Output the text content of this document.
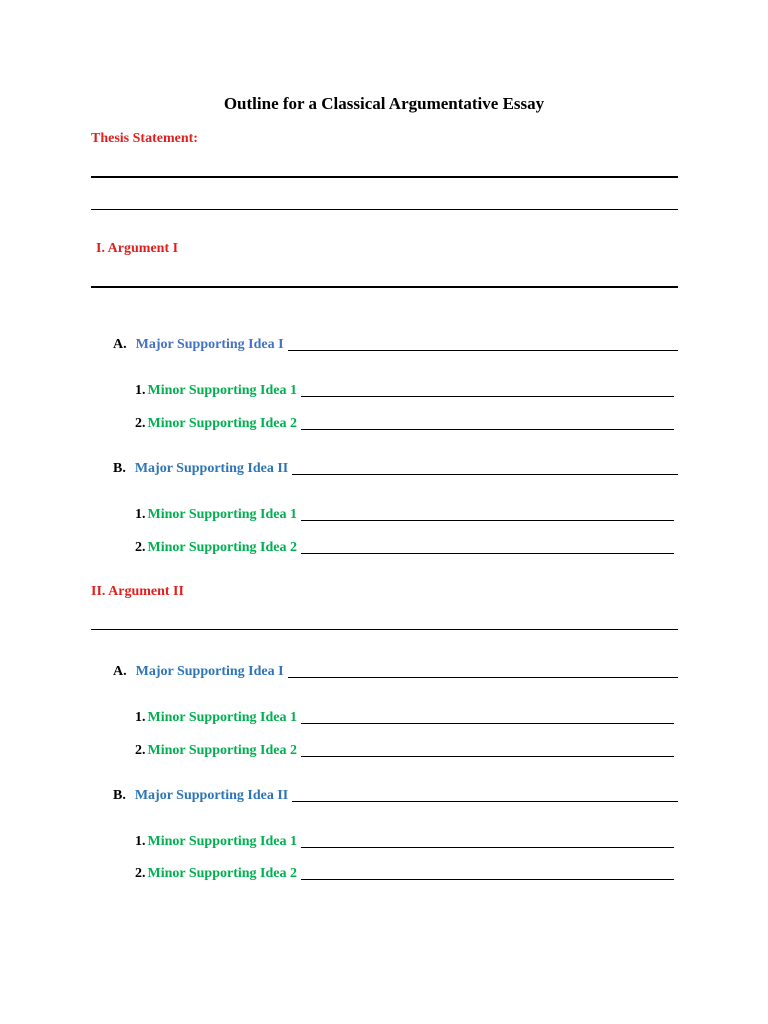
Outline for a Classical Argumentative Essay
Thesis Statement:
I. Argument I
A. Major Supporting Idea I
1. Minor Supporting Idea 1
2. Minor Supporting Idea 2
B. Major Supporting Idea II
1. Minor Supporting Idea 1
2. Minor Supporting Idea 2
II. Argument II
A. Major Supporting Idea I
1. Minor Supporting Idea 1
2. Minor Supporting Idea 2
B. Major Supporting Idea II
1. Minor Supporting Idea 1
2. Minor Supporting Idea 2
